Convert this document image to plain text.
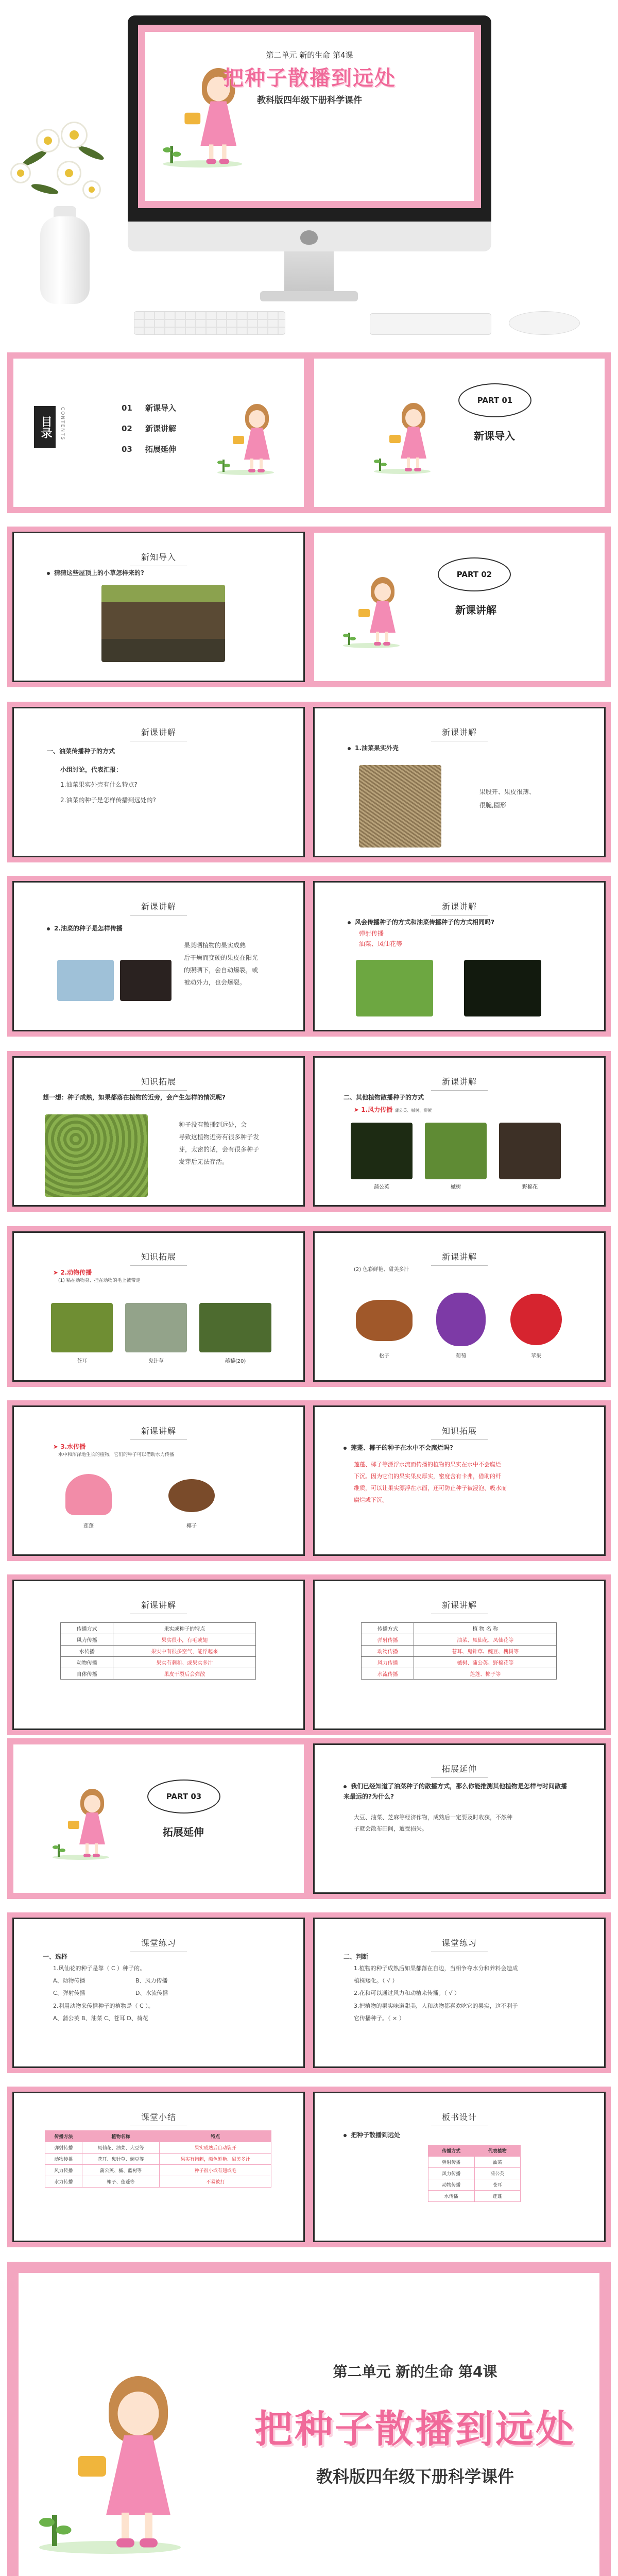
第二单元 新的生命 第4课
把种子散播到远处
教科版四年级下册科学课件
目录	CONTENTS	01 新课导入
02 新课讲解
03 拓展延伸
PART 01
新课导入
新知导入
猜猜这些屋顶上的小草怎样来的?	PART 02
新课讲解
新课讲解
一、油菜传播种子的方式
小组讨论，代表汇报：
1.油菜果实外壳有什么特点?
2.油菜的种子是怎样传播到远处的?
新课讲解
1.油菜果实外壳
果股开、果皮很薄、
很脆,圆形
新课讲解
2.油菜的种子是怎样传播
果荚晒植物的果实成熟
后干燥而变硬的果皮在阳光
的照晒下，会自动爆裂，或
被动外力，也会爆裂。
新课讲解
风会传播种子的方式和油菜传播种子的方式相同吗?
弹射传播
油菜、凤仙花等
知识拓展
想一想：种子成熟，如果都落在植物的近旁，会产生怎样的情况呢?
种子没有散播到远处，会
导致这植物近旁有很多种子发
芽，太密的话，会有很多种子
发芽后无法存活。
新课讲解
二、其他植物散播种子的方式
➤ 1.风力传播 蒲公英、槭树、柳絮
蒲公英	槭树	野棉花
知识拓展
➤ 2.动物传播
(1) 粘在动物身、挂在动物的毛上被带走
苍耳	鬼针草	蒺藜(20)
新课讲解
(2) 色彩鲜艳、甜美多汁
松子	葡萄	苹果
新课讲解
➤ 3.水传播
水中和沼泽地生长的植物，它们的种子可以借助水力传播
莲蓬	椰子
知识拓展
莲蓬、椰子的种子在水中不会腐烂吗?
莲蓬、椰子等漂浮水流而传播的植物的果实在水中不会腐烂
下沉。因为它们的果实果皮厚实，密度含有卡弗，借助的纤
维质，可以让果实漂浮在水面，还可防止种子被浸泡、吸水而
腐烂或下沉。
新课讲解
传播方式	果实或种子的特点
风力传播	果实很小，有毛或翅
水传播	果实中有很多空气，能浮起来
动物传播	果实有刺和、或果实多汁
自体传播	果皮干裂后会弹散
新课讲解
传播方式	植 物 名 称
弹射传播	油菜、凤仙花、凤仙花等
动物传播	苍耳、鬼针草、豌豆、槐树等
风力传播	槭树、蒲公英、野棉花等
水流传播	莲蓬、椰子等
PART 03
拓展延伸
拓展延伸
我们已经知道了油菜种子的散播方式，那么你能推测其他植物是怎样与时间散播来最远的?为什么?
大豆、油菜、芝麻等经济作物，成熟后一定要及时收获，不然种
子就会散布田间，遭受损失。
课堂练习
一、选择
1.风仙花的种子是靠（ C ）种子的。
A、动物传播	B、风力传播
C、弹射传播	D、水流传播
2.利用动物来传播种子的植物是（ C ）。
A、蒲公英 B、油菜 C、苍耳 D、荷花
课堂练习
二、判断
1.植物的种子成熟后如果都落在自边，当相争夺水分和养料会造成
植株矮化。（ √ ）
2.花和可以通过风力和动植来传播。（ √ ）
3.把植物的果实味道甜美，人和动物都喜欢吃它的果实，这不利于
它传播种子。（ × ）
课堂小结
传播方法	植物名称	特点
弹射传播	凤仙花、油菜、大豆等	果实成熟后自动裂开
动物传播	苍耳、鬼针草、豌豆等	果实有钩刺，颜色鲜艳、甜美多汁
风力传播	蒲公英、槭、蓝树等	种子很小或有翅或毛
水力传播	椰子、莲蓬等	不易被打
板书设计
把种子散播到远处
传播方式	代表植物
弹射传播	油菜
风力传播	蒲公英
动物传播	苍耳
水传播	莲蓬
第二单元 新的生命 第4课
把种子散播到远处
教科版四年级下册科学课件
